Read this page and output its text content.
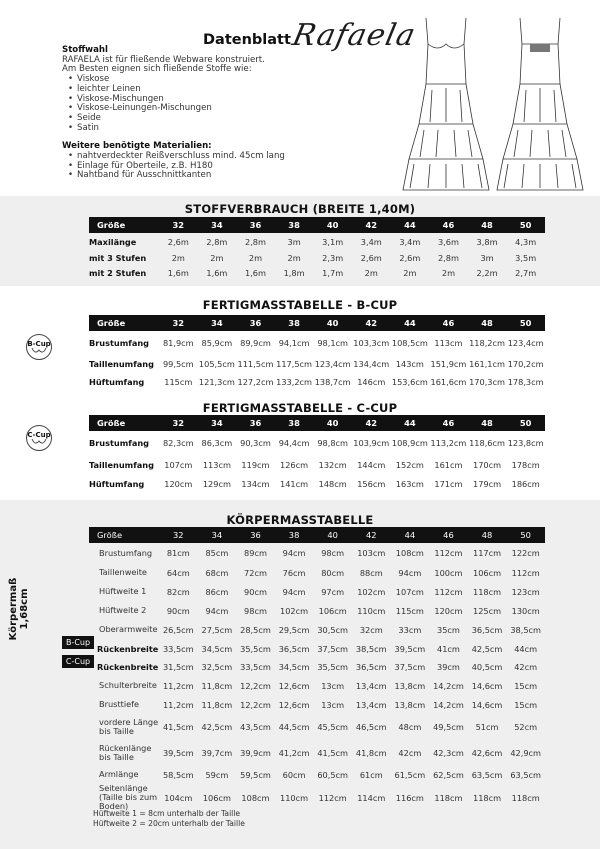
Datenblatt
Rafaela
Stoffwahl
RAFAELA ist für fließende Webware konstruiert.
Am Besten eignen sich fließende Stoffe wie:
• Viskose
• leichter Leinen
• Viskose-Mischungen
• Viskose-Leinungen-Mischungen
• Seide
• Satin
Weitere benötigte Materialien:
• nahtverdeckter Reißverschluss mind. 45cm lang
• Einlage für Oberteile, z.B. H180
• Nahtband für Ausschnittkanten
STOFFVERBRAUCH (BREITE 1,40M)
Größe	32	34	36	38	40	42	44	46	48	50
Maxilänge	2,6m	2,8m	2,8m	3m	3,1m	3,4m	3,4m	3,6m	3,8m	4,3m
mit 3 Stufen	2m	2m	2m	2m	2,3m	2,6m	2,6m	2,8m	3m	3,5m
mit 2 Stufen	1,6m	1,6m	1,6m	1,8m	1,7m	2m	2m	2m	2,2m	2,7m
FERTIGMASSTABELLE - B-CUP
B-Cup
Größe	32	34	36	38	40	42	44	46	48	50
Brustumfang	81,9cm	85,9cm	89,9cm	94,1cm	98,1cm	103,3cm	108,5cm	113cm	118,2cm	123,4cm
Taillenumfang	99,5cm	105,5cm	111,5cm	117,5cm	123,4cm	134,4cm	143cm	151,9cm	161,1cm	170,2cm
Hüftumfang	115cm	121,3cm	127,2cm	133,2cm	138,7cm	146cm	153,6cm	161,6cm	170,3cm	178,3cm
FERTIGMASSTABELLE - C-CUP
C-Cup
Größe	32	34	36	38	40	42	44	46	48	50
Brustumfang	82,3cm	86,3cm	90,3cm	94,4cm	98,8cm	103,9cm	108,9cm	113,2cm	118,6cm	123,8cm
Taillenumfang	107cm	113cm	119cm	126cm	132cm	144cm	152cm	161cm	170cm	178cm
Hüftumfang	120cm	129cm	134cm	141cm	148cm	156cm	163cm	171cm	179cm	186cm
KÖRPERMASSTABELLE
Körpermaß 1,68cm
B-Cup
C-Cup
Größe	32	34	36	38	40	42	44	46	48	50
Brustumfang	81cm	85cm	89cm	94cm	98cm	103cm	108cm	112cm	117cm	122cm
Taillenweite	64cm	68cm	72cm	76cm	80cm	88cm	94cm	100cm	106cm	112cm
Hüftweite 1	82cm	86cm	90cm	94cm	97cm	102cm	107cm	112cm	118cm	123cm
Hüftweite 2	90cm	94cm	98cm	102cm	106cm	110cm	115cm	120cm	125cm	130cm
Oberarmweite	26,5cm	27,5cm	28,5cm	29,5cm	30,5cm	32cm	33cm	35cm	36,5cm	38,5cm
Rückenbreite	33,5cm	34,5cm	35,5cm	36,5cm	37,5cm	38,5cm	39,5cm	41cm	42,5cm	44cm
Rückenbreite	31,5cm	32,5cm	33,5cm	34,5cm	35,5cm	36,5cm	37,5cm	39cm	40,5cm	42cm
Schulterbreite	11,2cm	11,8cm	12,2cm	12,6cm	13cm	13,4cm	13,8cm	14,2cm	14,6cm	15cm
Brusttiefe	11,2cm	11,8cm	12,2cm	12,6cm	13cm	13,4cm	13,8cm	14,2cm	14,6cm	15cm
vordere Länge bis Taille	41,5cm	42,5cm	43,5cm	44,5cm	45,5cm	46,5cm	48cm	49,5cm	51cm	52cm
Rückenlänge bis Taille	39,5cm	39,7cm	39,9cm	41,2cm	41,5cm	41,8cm	42cm	42,3cm	42,6cm	42,9cm
Armlänge	58,5cm	59cm	59,5cm	60cm	60,5cm	61cm	61,5cm	62,5cm	63,5cm	63,5cm
Seitenlänge (Taille bis zum Boden)	104cm	106cm	108cm	110cm	112cm	114cm	116cm	118cm	118cm	118cm
Hüftweite 1 = 8cm unterhalb der Taille
Hüftweite 2 = 20cm unterhalb der Taille
